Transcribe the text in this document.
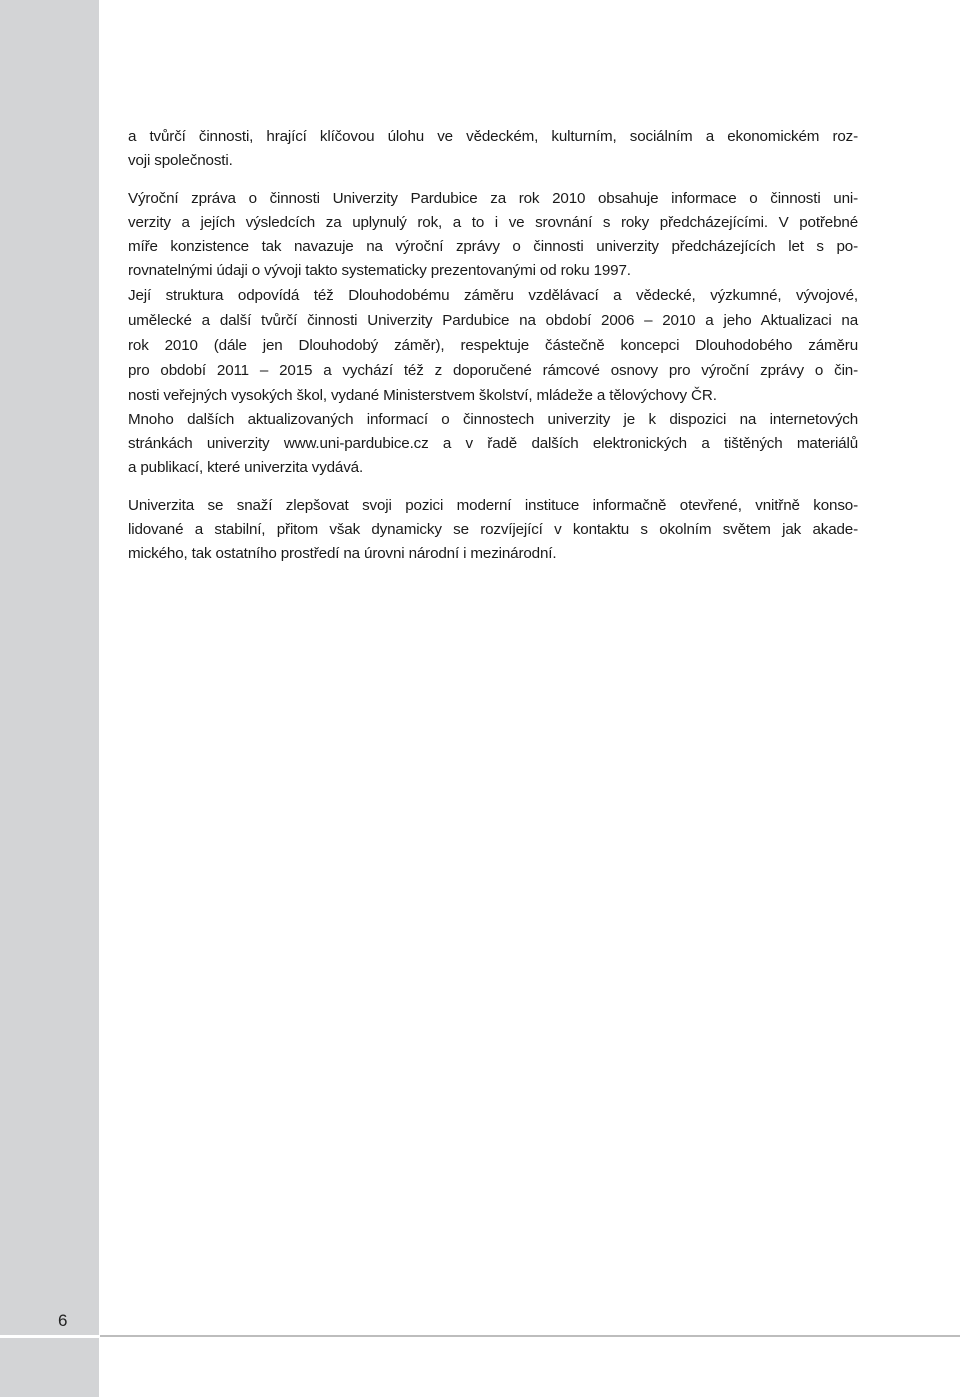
6
a tvůrčí činnosti, hrající klíčovou úlohu ve vědeckém, kulturním, sociálním a ekonomickém roz-
voji společnosti.
Výroční zpráva o činnosti Univerzity Pardubice za rok 2010 obsahuje informace o činnosti uni-
verzity a jejích výsledcích za uplynulý rok, a to i ve srovnání s roky předcházejícími. V potřebné
míře konzistence tak navazuje na výroční zprávy o činnosti univerzity předcházejících let s po-
rovnatelnými údaji o vývoji takto systematicky prezentovanými od roku 1997.
Její struktura odpovídá též Dlouhodobému záměru vzdělávací a vědecké, výzkumné, vývojové,
umělecké a další tvůrčí činnosti Univerzity Pardubice na období 2006 – 2010 a jeho Aktualizaci na
rok 2010 (dále jen Dlouhodobý záměr), respektuje částečně koncepci Dlouhodobého záměru
pro období 2011 – 2015 a vychází též z doporučené rámcové osnovy pro výroční zprávy o čin-
nosti veřejných vysokých škol, vydané Ministerstvem školství, mládeže a tělovýchovy ČR.
Mnoho dalších aktualizovaných informací o činnostech univerzity je k dispozici na internetových
stránkách univerzity www.uni-pardubice.cz a v řadě dalších elektronických a tištěných materiálů
a publikací, které univerzita vydává.
Univerzita se snaží zlepšovat svoji pozici moderní instituce informačně otevřené, vnitřně konso-
lidované a stabilní, přitom však dynamicky se rozvíjející v kontaktu s okolním světem jak akade-
mického, tak ostatního prostředí na úrovni národní i mezinárodní.
